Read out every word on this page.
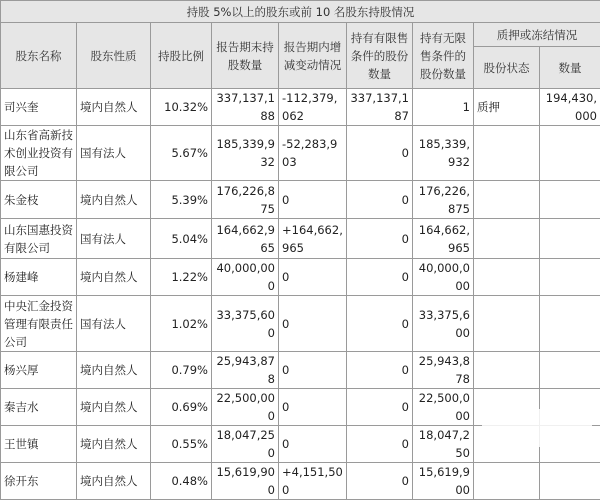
持股 5%以上的股东或前 10 名股东持股情况								
股东名称	股东性质	持股比例	报告期末持股数量	报告期内增减变动情况	持有有限售条件的股份数量	持有无限售条件的股份数量	质押或冻结情况	
							股份状态	数量
司兴奎	境内自然人	10.32%	337,137,188	-112,379,062	337,137,187	1	质押	194,430,000
山东省高新技术创业投资有限公司	国有法人	5.67%	185,339,932	-52,283,903	0	185,339,932		
朱金枝	境内自然人	5.39%	176,226,875	0	0	176,226,875		
山东国惠投资有限公司	国有法人	5.04%	164,662,965	+164,662,965	0	164,662,965		
杨建峰	境内自然人	1.22%	40,000,000	0	0	40,000,000		
中央汇金投资管理有限责任公司	国有法人	1.02%	33,375,600	0	0	33,375,600		
杨兴厚	境内自然人	0.79%	25,943,878	0	0	25,943,878		
秦吉水	境内自然人	0.69%	22,500,000	0	0	22,500,000		
王世镇	境内自然人	0.55%	18,047,250	0	0	18,047,250		
徐开东	境内自然人	0.48%	15,619,900	+4,151,500	0	15,619,900		
